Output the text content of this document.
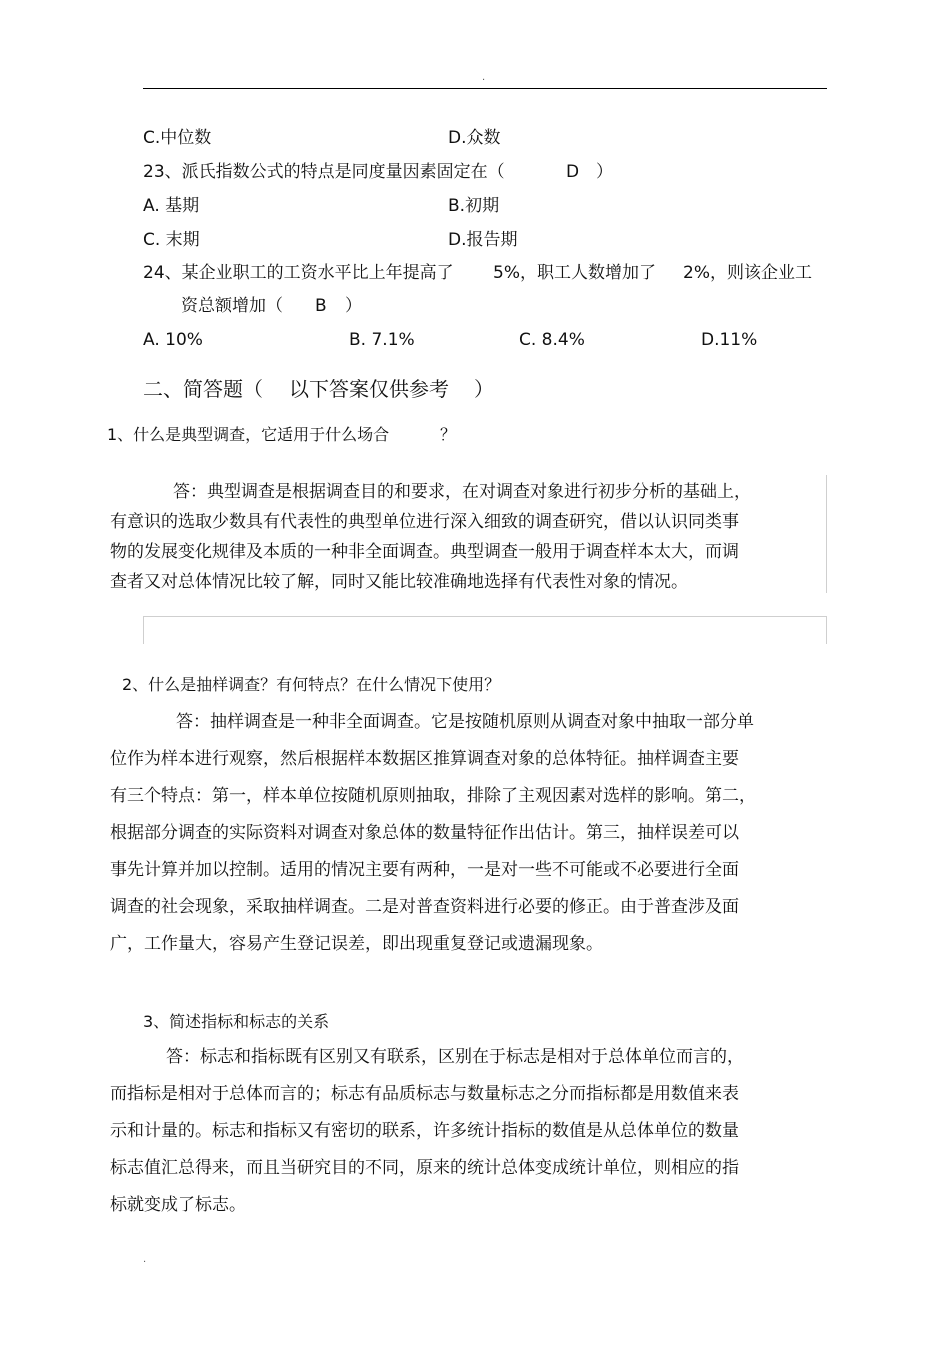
.
C.中位数	D.众数
23、派氏指数公式的特点是同度量因素固定在（	D ）
A. 基期	B.初期
C. 末期	D.报告期
24、某企业职工的工资水平比上年提高了 5%，职工人数增加了 2%，则该企业工
资总额增加（ B ）
A. 10%	B. 7.1%	C. 8.4%	D.11%
二、简答题（ 以下答案仅供参考 ）
1、什么是典型调查，它适用于什么场合	？
答：典型调查是根据调查目的和要求，在对调查对象进行初步分析的基础上，
有意识的选取少数具有代表性的典型单位进行深入细致的调查研究，借以认识同类事
物的发展变化规律及本质的一种非全面调查。典型调查一般用于调查样本太大，而调
查者又对总体情况比较了解，同时又能比较准确地选择有代表性对象的情况。
2、什么是抽样调查？有何特点？在什么情况下使用？
答：抽样调查是一种非全面调查。它是按随机原则从调查对象中抽取一部分单
位作为样本进行观察，然后根据样本数据区推算调查对象的总体特征。抽样调查主要
有三个特点：第一，样本单位按随机原则抽取，排除了主观因素对选样的影响。第二，
根据部分调查的实际资料对调查对象总体的数量特征作出估计。第三，抽样误差可以
事先计算并加以控制。适用的情况主要有两种，一是对一些不可能或不必要进行全面
调查的社会现象，采取抽样调查。二是对普查资料进行必要的修正。由于普查涉及面
广，工作量大，容易产生登记误差，即出现重复登记或遗漏现象。
3、简述指标和标志的关系
答：标志和指标既有区别又有联系，区别在于标志是相对于总体单位而言的，
而指标是相对于总体而言的；标志有品质标志与数量标志之分而指标都是用数值来表
示和计量的。标志和指标又有密切的联系，许多统计指标的数值是从总体单位的数量
标志值汇总得来，而且当研究目的不同，原来的统计总体变成统计单位，则相应的指
标就变成了标志。
.
